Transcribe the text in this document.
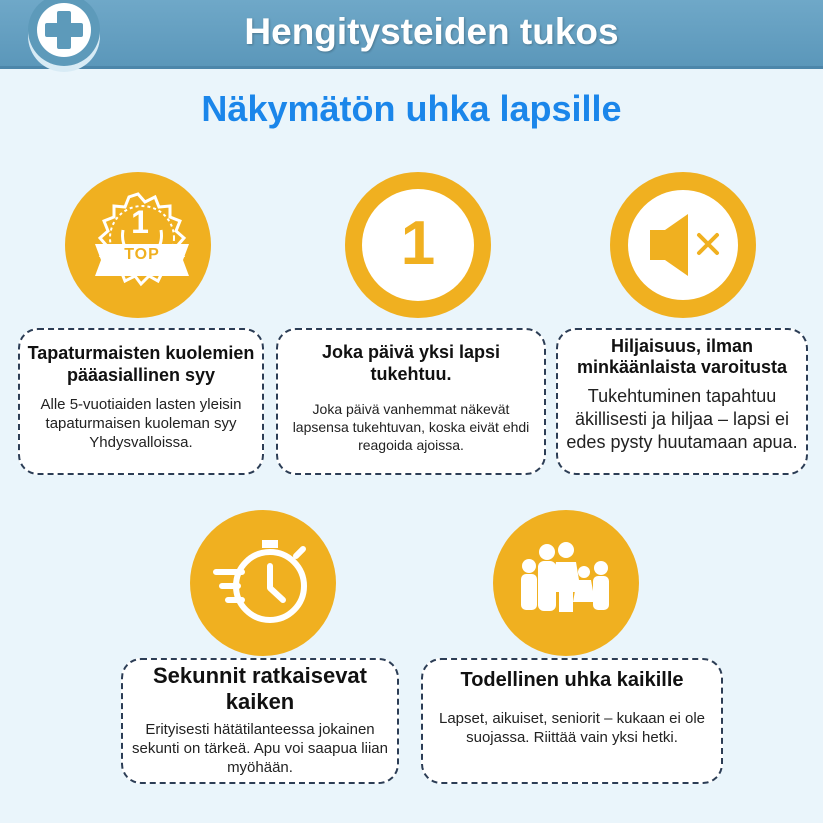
Hengitysteiden tukos
Näkymätön uhka lapsille
1
TOP	1
Tapaturmaisten kuolemien pääasiallinen syy
Alle 5-vuotiaiden lasten yleisin tapaturmaisen kuoleman syy Yhdysvalloissa.
Joka päivä yksi lapsi tukehtuu.
Joka päivä vanhemmat näkevät lapsensa tukehtuvan, koska eivät ehdi reagoida ajoissa.
Hiljaisuus, ilman minkäänlaista varoitusta
Tukehtuminen tapahtuu äkillisesti ja hiljaa – lapsi ei edes pysty huutamaan apua.
Sekunnit ratkaisevat kaiken
Erityisesti hätätilanteessa jokainen sekunti on tärkeä. Apu voi saapua liian myöhään.
Todellinen uhka kaikille
Lapset, aikuiset, seniorit – kukaan ei ole suojassa. Riittää vain yksi hetki.
